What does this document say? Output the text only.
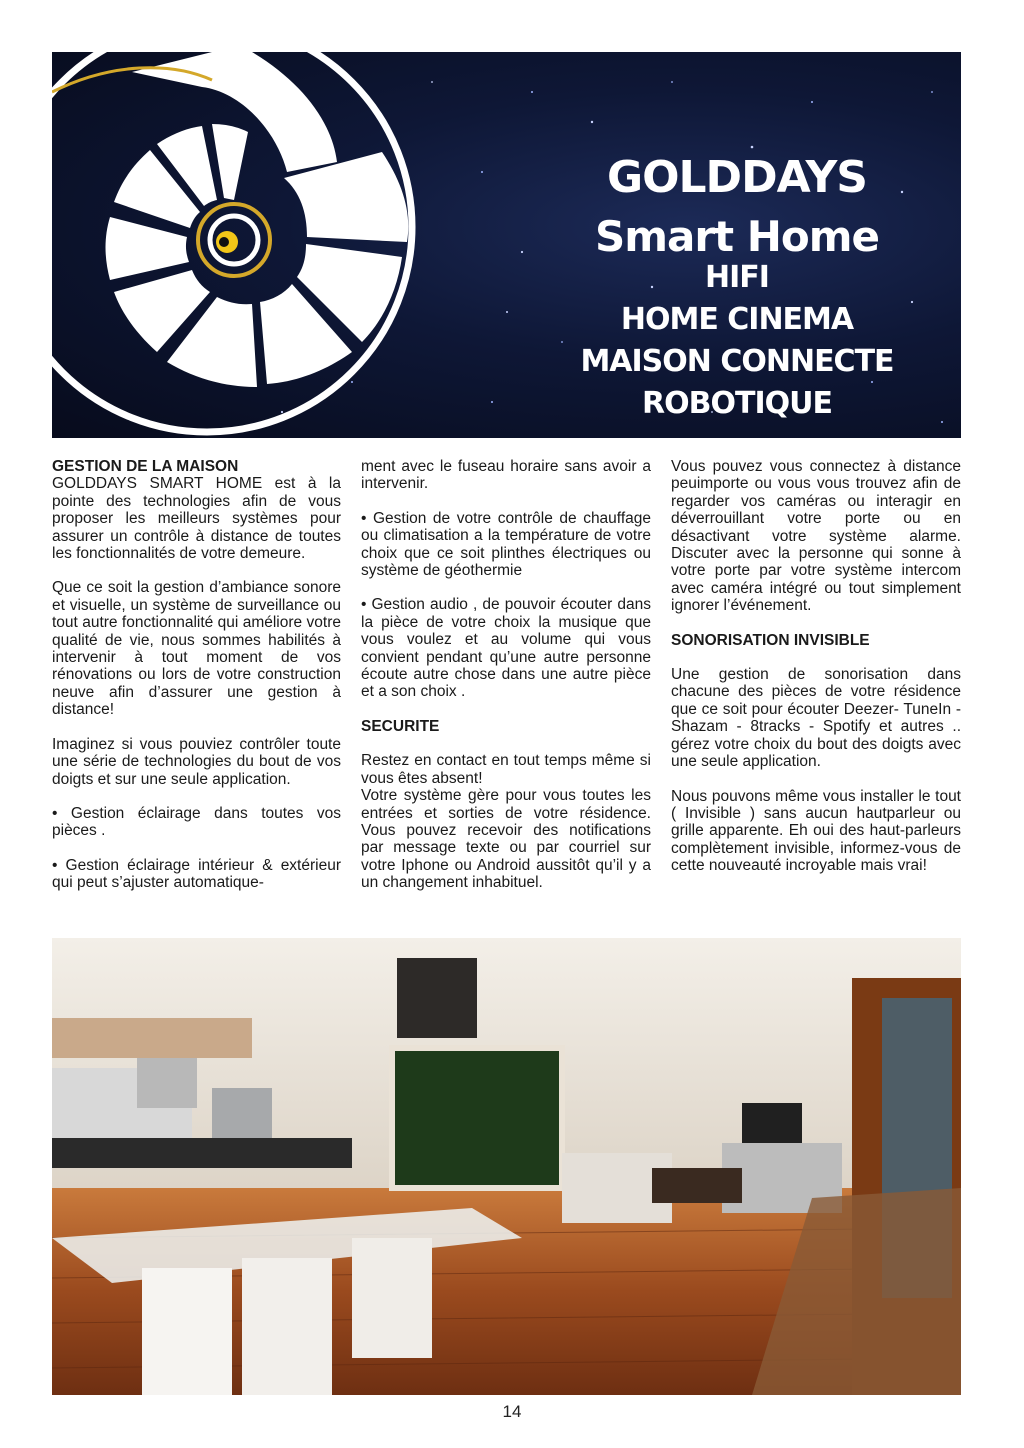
GOLDDAYS
Smart Home

HIFI

HOME CINEMA

MAISON CONNECTE

ROBOTIQUE

GESTION DE LA MAISON

GOLDDAYS SMART HOME est à la pointe des technologies afin de vous proposer les meilleurs systèmes pour assurer un contrôle à distance de toutes les fonctionnalités de votre demeure.

Que ce soit la gestion d’ambiance sonore et visuelle, un système de surveillance ou tout autre fonctionnalité qui améliore votre qualité de vie, nous sommes habilités à intervenir à tout moment de vos rénovations ou lors de votre construction neuve afin d’assurer une gestion à distance!

Imaginez si vous pouviez contrôler toute une série de technologies du bout de vos doigts et sur une seule application.

• Gestion éclairage dans toutes vos pièces .

• Gestion éclairage intérieur & extérieur qui peut s’ajuster automatique-

ment avec le fuseau horaire sans avoir a intervenir.

• Gestion de votre contrôle de chauffage ou climatisation a la température de votre choix que ce soit plinthes électriques ou système de géothermie

• Gestion audio , de pouvoir écouter dans la pièce de votre choix la musique que vous voulez et au volume qui vous convient pendant qu’une autre personne écoute autre chose dans une autre pièce et a son choix .

SECURITE

Restez en contact en tout temps même si vous êtes absent!

Votre système gère pour vous toutes les entrées et sorties de votre résidence. Vous pouvez recevoir des notifications par message texte ou par courriel sur votre Iphone ou Android aussitôt qu’il y a un changement inhabituel.

Vous pouvez vous connectez à distance peuimporte ou vous vous trouvez afin de regarder vos caméras ou interagir en déverrouillant votre porte ou en désactivant votre système alarme. Discuter avec la personne qui sonne à votre porte par votre système intercom avec caméra intégré ou tout simplement ignorer l’événement.

SONORISATION INVISIBLE

Une gestion de sonorisation dans chacune des pièces de votre résidence que ce soit pour écouter Deezer- TuneIn - Shazam - 8tracks - Spotify et autres .. gérez votre choix du bout des doigts avec une seule application.

Nous pouvons même vous installer le tout ( Invisible ) sans aucun hautparleur ou grille apparente. Eh oui des haut-parleurs complètement invisible, informez-vous de cette nouveauté incroyable mais vrai!

14
